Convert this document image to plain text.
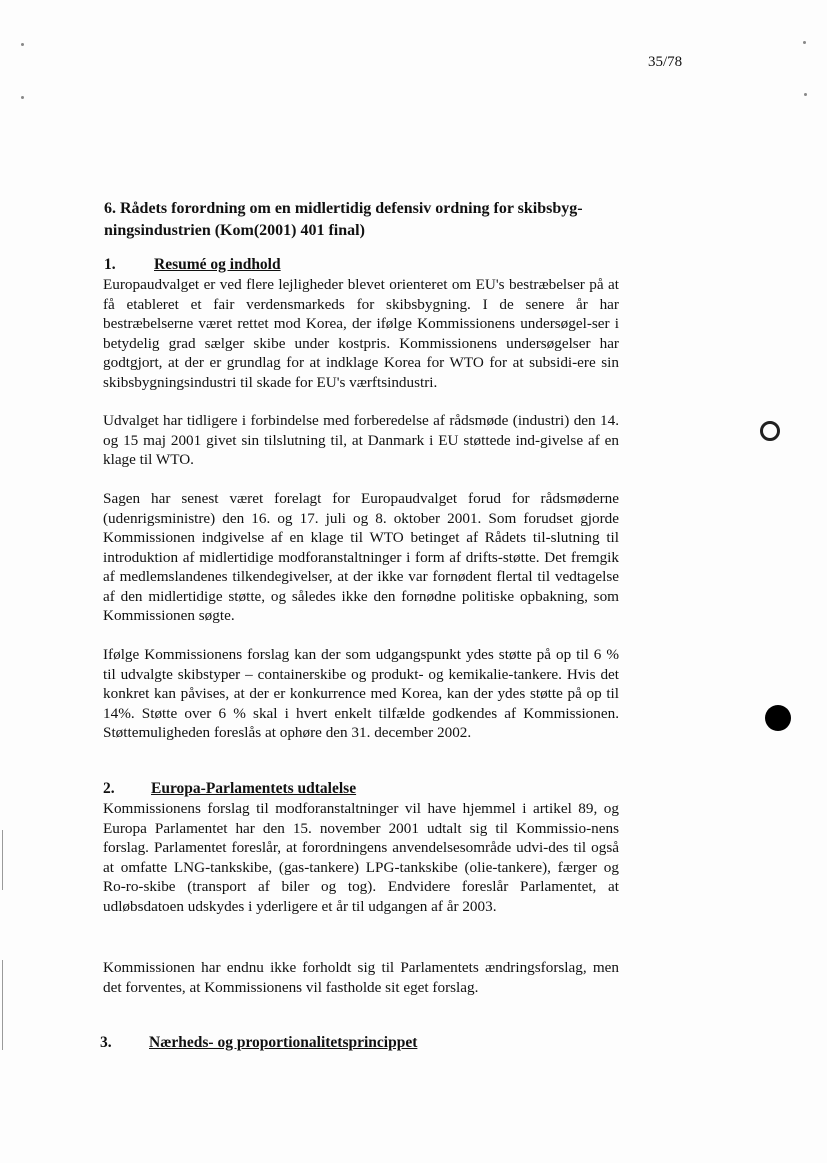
35/78
6. Rådets forordning om en midlertidig defensiv ordning for skibsbyg-ningsindustrien (Kom(2001) 401 final)
1. Resumé og indhold

Europaudvalget er ved flere lejligheder blevet orienteret om EU's bestræbelser på at få etableret et fair verdensmarkeds for skibsbygning. I de senere år har bestræbelserne været rettet mod Korea, der ifølge Kommissionens undersøgel-ser i betydelig grad sælger skibe under kostpris. Kommissionens undersøgelser har godtgjort, at der er grundlag for at indklage Korea for WTO for at subsidi-ere sin skibsbygningsindustri til skade for EU's værftsindustri.

Udvalget har tidligere i forbindelse med forberedelse af rådsmøde (industri) den 14. og 15 maj 2001 givet sin tilslutning til, at Danmark i EU støttede ind-givelse af en klage til WTO.

Sagen har senest været forelagt for Europaudvalget forud for rådsmøderne (udenrigsministre) den 16. og 17. juli og 8. oktober 2001. Som forudset gjorde Kommissionen indgivelse af en klage til WTO betinget af Rådets til-slutning til introduktion af midlertidige modforanstaltninger i form af drifts-støtte. Det fremgik af medlemslandenes tilkendegivelser, at der ikke var fornødent flertal til vedtagelse af den midlertidige støtte, og således ikke den fornødne politiske opbakning, som Kommissionen søgte.

Ifølge Kommissionens forslag kan der som udgangspunkt ydes støtte på op til 6 % til udvalgte skibstyper – containerskibe og produkt- og kemikalie-tankere. Hvis det konkret kan påvises, at der er konkurrence med Korea, kan der ydes støtte på op til 14%. Støtte over 6 % skal i hvert enkelt tilfælde godkendes af Kommissionen. Støttemuligheden foreslås at ophøre den 31. december 2002.

2. Europa-Parlamentets udtalelse

Kommissionens forslag til modforanstaltninger vil have hjemmel i artikel 89, og Europa Parlamentet har den 15. november 2001 udtalt sig til Kommissio-nens forslag. Parlamentet foreslår, at forordningens anvendelsesområde udvi-des til også at omfatte LNG-tankskibe, (gas-tankere) LPG-tankskibe (olie-tankere), færger og Ro-ro-skibe (transport af biler og tog). Endvidere foreslår Parlamentet, at udløbsdatoen udskydes i yderligere et år til udgangen af år 2003.

Kommissionen har endnu ikke forholdt sig til Parlamentets ændringsforslag, men det forventes, at Kommissionens vil fastholde sit eget forslag.

3. Nærheds- og proportionalitetsprincippet
